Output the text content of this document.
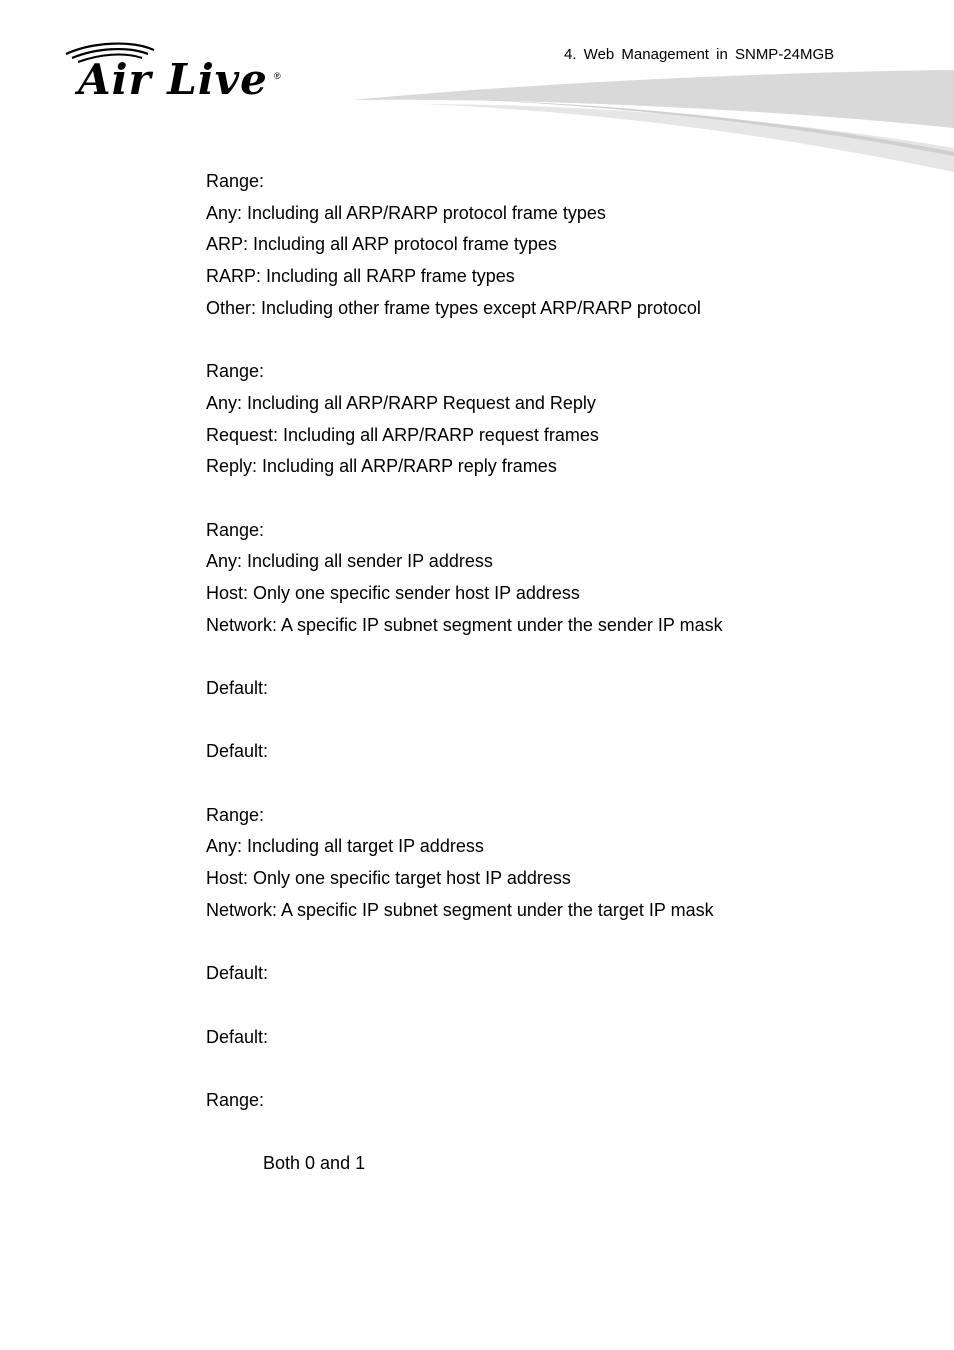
Air Live ®
4. Web Management in SNMP-24MGB
Range:
Any: Including all ARP/RARP protocol frame types
ARP: Including all ARP protocol frame types
RARP: Including all RARP frame types
Other: Including other frame types except ARP/RARP protocol
Range:
Any: Including all ARP/RARP Request and Reply
Request: Including all ARP/RARP request frames
Reply: Including all ARP/RARP reply frames
Range:
Any: Including all sender IP address
Host: Only one specific sender host IP address
Network: A specific IP subnet segment under the sender IP mask
Default:
Default:
Range:
Any: Including all target IP address
Host: Only one specific target host IP address
Network: A specific IP subnet segment under the target IP mask
Default:
Default:
Range:
Both 0 and 1
